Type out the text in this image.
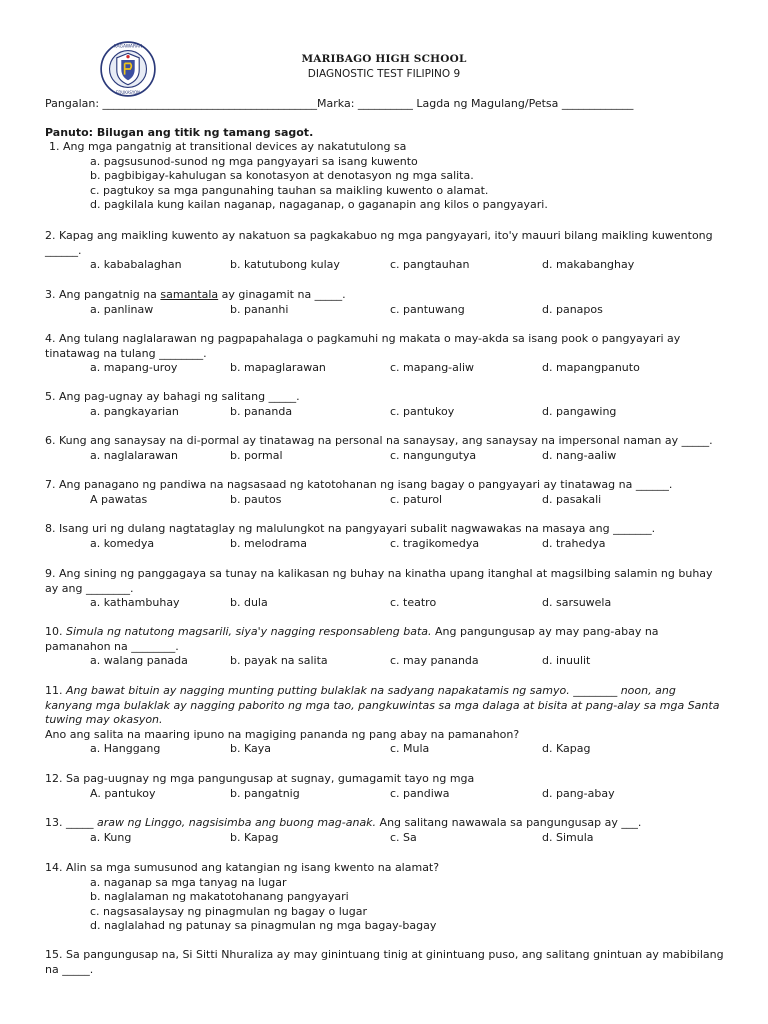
KAGAWARAN
EDUKASYON
MARIBAGO HIGH SCHOOL
DIAGNOSTIC TEST FILIPINO 9
Pangalan: _______________________________________Marka: __________ Lagda ng Magulang/Petsa _____________
Panuto: Bilugan ang titik ng tamang sagot.
1. Ang mga pangatnig at transitional devices ay nakatutulong sa
a. pagsusunod-sunod ng mga pangyayari sa isang kuwento
b. pagbibigay-kahulugan sa konotasyon at denotasyon ng mga salita.
c. pagtukoy sa mga pangunahing tauhan sa maikling kuwento o alamat.
d. pagkilala kung kailan naganap, nagaganap, o gaganapin ang kilos o pangyayari.
2. Kapag ang maikling kuwento ay nakatuon sa pagkakabuo ng mga pangyayari, ito'y mauuri bilang maikling kuwentong ______.
a. kababalaghan	b. katutubong kulay	c. pangtauhan	d. makabanghay
3. Ang pangatnig na samantala ay ginagamit na _____.
a. panlinaw	b. pananhi	c. pantuwang	d. panapos
4. Ang tulang naglalarawan ng pagpapahalaga o pagkamuhi ng makata o may-akda sa isang pook o pangyayari ay tinatawag na tulang ________.
a. mapang-uroy	b. mapaglarawan	c. mapang-aliw	d. mapangpanuto
5. Ang pag-ugnay ay bahagi ng salitang _____.
a. pangkayarian	b. pananda	c. pantukoy	d. pangawing
6. Kung ang sanaysay na di-pormal ay tinatawag na personal na sanaysay, ang sanaysay na impersonal naman ay _____.
a. naglalarawan	b. pormal	c. nangungutya	d. nang-aaliw
7. Ang panagano ng pandiwa na nagsasaad ng katotohanan ng isang bagay o pangyayari ay tinatawag na ______.
A pawatas	b. pautos	c. paturol	d. pasakali
8. Isang uri ng dulang nagtataglay ng malulungkot na pangyayari subalit nagwawakas na masaya ang _______.
a. komedya	b. melodrama	c. tragikomedya	d. trahedya
9. Ang sining ng panggagaya sa tunay na kalikasan ng buhay na kinatha upang itanghal at magsilbing salamin ng buhay ay ang ________.
a. kathambuhay	b. dula	c. teatro	d. sarsuwela
10. Simula ng natutong magsarili, siya'y nagging responsableng bata. Ang pangungusap ay may pang-abay na pamanahon na ________.
a. walang panada	b. payak na salita	c. may pananda	d. inuulit
11. Ang bawat bituin ay nagging munting putting bulaklak na sadyang napakatamis ng samyo. ________ noon, ang kanyang mga bulaklak ay nagging paborito ng mga tao, pangkuwintas sa mga dalaga at bisita at pang-alay sa mga Santa tuwing may okasyon.
Ano ang salita na maaring ipuno na magiging pananda ng pang abay na pamanahon?
a. Hanggang	b. Kaya	c. Mula	d. Kapag
12. Sa pag-uugnay ng mga pangungusap at sugnay, gumagamit tayo ng mga
A. pantukoy	b. pangatnig	c. pandiwa	d. pang-abay
13. _____ araw ng Linggo, nagsisimba ang buong mag-anak. Ang salitang nawawala sa pangungusap ay ___.
a. Kung	b. Kapag	c. Sa	d. Simula
14. Alin sa mga sumusunod ang katangian ng isang kwento na alamat?
a. naganap sa mga tanyag na lugar
b. naglalaman ng makatotohanang pangyayari
c. nagsasalaysay ng pinagmulan ng bagay o lugar
d. naglalahad ng patunay sa pinagmulan ng mga bagay-bagay
15. Sa pangungusap na, Si Sitti Nhuraliza ay may ginintuang tinig at ginintuang puso, ang salitang gnintuan ay mabibilang na _____.
